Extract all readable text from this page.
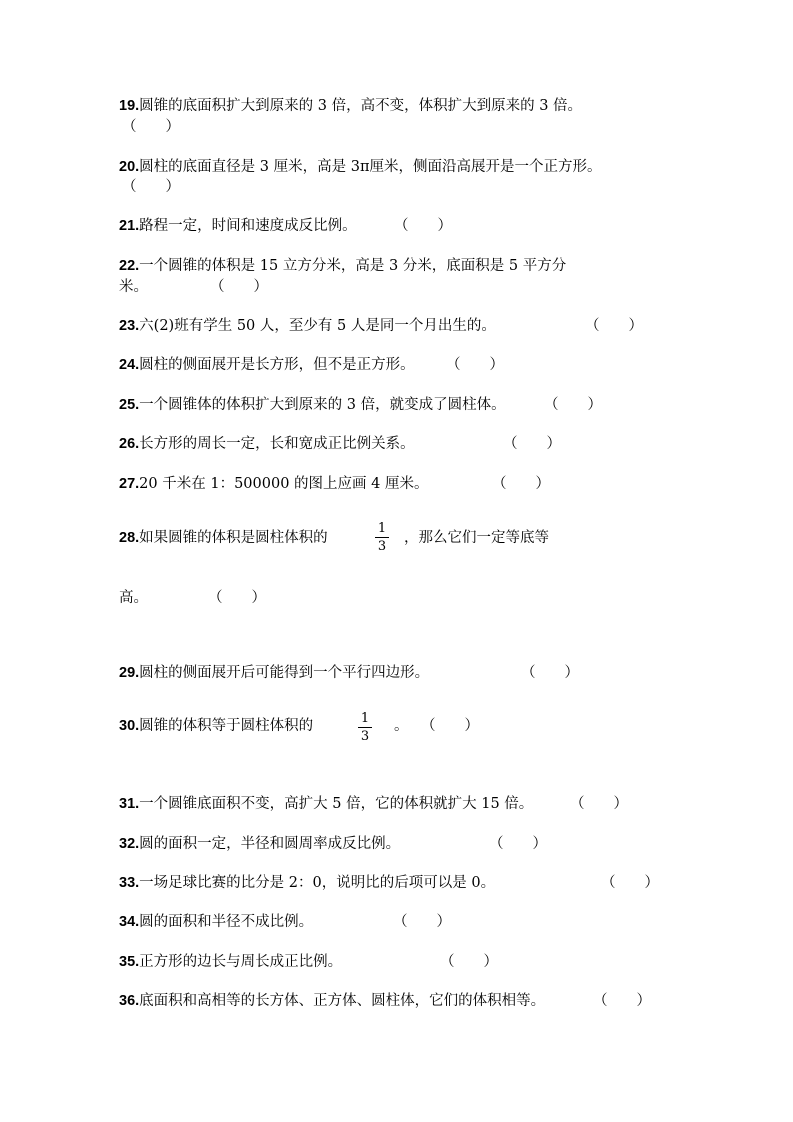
19.圆锥的底面积扩大到原来的 3 倍，高不变，体积扩大到原来的 3 倍。
（　　）
20.圆柱的底面直径是 3 厘米，高是 3π厘米，侧面沿高展开是一个正方形。
（　　）
21.路程一定，时间和速度成反比例。	（　　）
22.一个圆锥的体积是 15 立方分米，高是 3 分米，底面积是 5 平方分
米。	（　　）
23.六(2)班有学生 50 人，至少有 5 人是同一个月出生的。	（　　）
24.圆柱的侧面展开是长方形，但不是正方形。 （　　）
25.一个圆锥体的体积扩大到原来的 3 倍，就变成了圆柱体。	（　　）
26.长方形的周长一定，长和宽成正比例关系。	（　　）
27.20 千米在 1：500000 的图上应画 4 厘米。	（　　）
28.如果圆锥的体积是圆柱体积的
1
3
，那么它们一定等底等
高。	（　　）
29.圆柱的侧面展开后可能得到一个平行四边形。	（　　）
30.圆锥的体积等于圆柱体积的	1
3
。 （　　）
31.一个圆锥底面积不变，高扩大 5 倍，它的体积就扩大 15 倍。	（　　）
32.圆的面积一定，半径和圆周率成反比例。	（　　）
33.一场足球比赛的比分是 2：0，说明比的后项可以是 0。	（　　）
34.圆的面积和半径不成比例。	（　　）
35.正方形的边长与周长成正比例。	（　　）
36.底面积和高相等的长方体、正方体、圆柱体，它们的体积相等。	（　　）
